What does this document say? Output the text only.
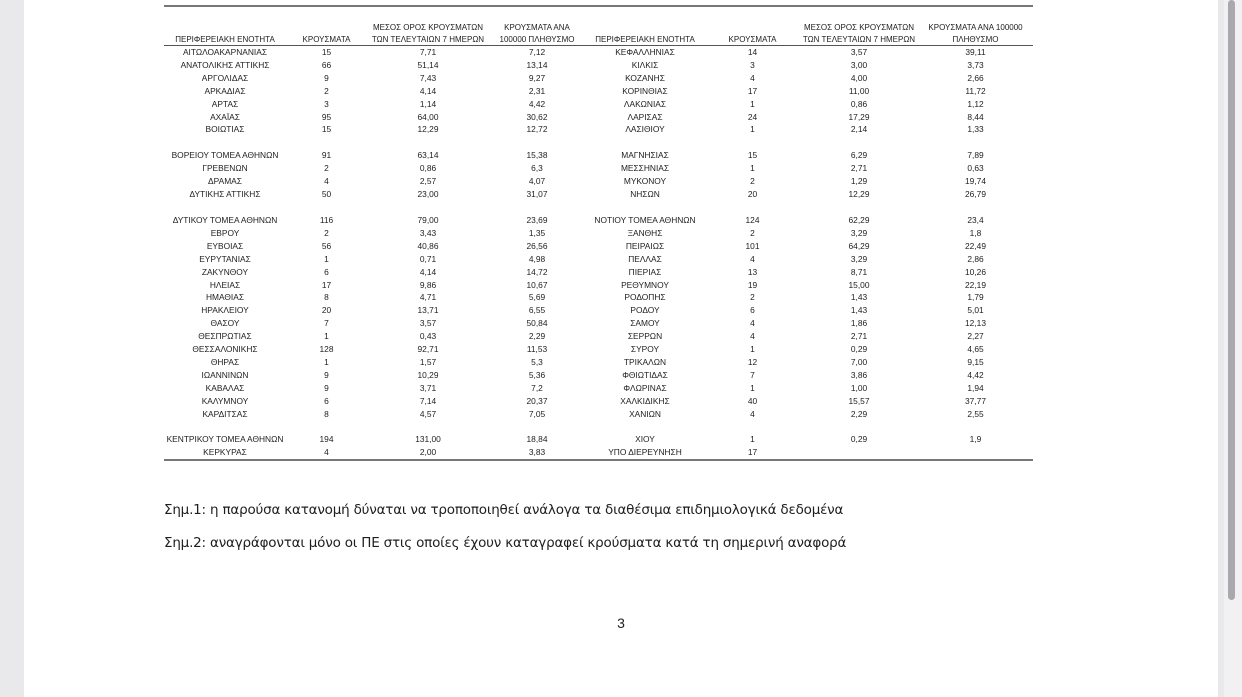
ΠΕΡΙΦΕΡΕΙΑΚΗ ΕΝΟΤΗΤΑ	ΚΡΟΥΣΜΑΤΑ	ΜΕΣΟΣ ΟΡΟΣ ΚΡΟΥΣΜΑΤΩΝ ΤΩΝ ΤΕΛΕΥΤΑΙΩΝ 7 ΗΜΕΡΩΝ	ΚΡΟΥΣΜΑΤΑ ΑΝΑ 100000 ΠΛΗΘΥΣΜΟ	ΠΕΡΙΦΕΡΕΙΑΚΗ ΕΝΟΤΗΤΑ	ΚΡΟΥΣΜΑΤΑ	ΜΕΣΟΣ ΟΡΟΣ ΚΡΟΥΣΜΑΤΩΝ ΤΩΝ ΤΕΛΕΥΤΑΙΩΝ 7 ΗΜΕΡΩΝ	ΚΡΟΥΣΜΑΤΑ ΑΝΑ 100000 ΠΛΗΘΥΣΜΟ

ΑΙΤΩΛΟΑΚΑΡΝΑΝΙΑΣ	15	7,71	7,12	ΚΕΦΑΛΛΗΝΙΑΣ	14	3,57	39,11
ΑΝΑΤΟΛΙΚΗΣ ΑΤΤΙΚΗΣ	66	51,14	13,14	ΚΙΛΚΙΣ	3	3,00	3,73
ΑΡΓΟΛΙΔΑΣ	9	7,43	9,27	ΚΟΖΑΝΗΣ	4	4,00	2,66
ΑΡΚΑΔΙΑΣ	2	4,14	2,31	ΚΟΡΙΝΘΙΑΣ	17	11,00	11,72
ΑΡΤΑΣ	3	1,14	4,42	ΛΑΚΩΝΙΑΣ	1	0,86	1,12
ΑΧΑΪΑΣ	95	64,00	30,62	ΛΑΡΙΣΑΣ	24	17,29	8,44
ΒΟΙΩΤΙΑΣ	15	12,29	12,72	ΛΑΣΙΘΙΟΥ	1	2,14	1,33

ΒΟΡΕΙΟΥ ΤΟΜΕΑ ΑΘΗΝΩΝ	91	63,14	15,38	ΜΑΓΝΗΣΙΑΣ	15	6,29	7,89
ΓΡΕΒΕΝΩΝ	2	0,86	6,3	ΜΕΣΣΗΝΙΑΣ	1	2,71	0,63
ΔΡΑΜΑΣ	4	2,57	4,07	ΜΥΚΟΝΟΥ	2	1,29	19,74
ΔΥΤΙΚΗΣ ΑΤΤΙΚΗΣ	50	23,00	31,07	ΝΗΣΩΝ	20	12,29	26,79

ΔΥΤΙΚΟΥ ΤΟΜΕΑ ΑΘΗΝΩΝ	116	79,00	23,69	ΝΟΤΙΟΥ ΤΟΜΕΑ ΑΘΗΝΩΝ	124	62,29	23,4
ΕΒΡΟΥ	2	3,43	1,35	ΞΑΝΘΗΣ	2	3,29	1,8
ΕΥΒΟΙΑΣ	56	40,86	26,56	ΠΕΙΡΑΙΩΣ	101	64,29	22,49
ΕΥΡΥΤΑΝΙΑΣ	1	0,71	4,98	ΠΕΛΛΑΣ	4	3,29	2,86
ΖΑΚΥΝΘΟΥ	6	4,14	14,72	ΠΙΕΡΙΑΣ	13	8,71	10,26
ΗΛΕΙΑΣ	17	9,86	10,67	ΡΕΘΥΜΝΟΥ	19	15,00	22,19
ΗΜΑΘΙΑΣ	8	4,71	5,69	ΡΟΔΟΠΗΣ	2	1,43	1,79
ΗΡΑΚΛΕΙΟΥ	20	13,71	6,55	ΡΟΔΟΥ	6	1,43	5,01
ΘΑΣΟΥ	7	3,57	50,84	ΣΑΜΟΥ	4	1,86	12,13
ΘΕΣΠΡΩΤΙΑΣ	1	0,43	2,29	ΣΕΡΡΩΝ	4	2,71	2,27
ΘΕΣΣΑΛΟΝΙΚΗΣ	128	92,71	11,53	ΣΥΡΟΥ	1	0,29	4,65
ΘΗΡΑΣ	1	1,57	5,3	ΤΡΙΚΑΛΩΝ	12	7,00	9,15
ΙΩΑΝΝΙΝΩΝ	9	10,29	5,36	ΦΘΙΩΤΙΔΑΣ	7	3,86	4,42
ΚΑΒΑΛΑΣ	9	3,71	7,2	ΦΛΩΡΙΝΑΣ	1	1,00	1,94
ΚΑΛΥΜΝΟΥ	6	7,14	20,37	ΧΑΛΚΙΔΙΚΗΣ	40	15,57	37,77
ΚΑΡΔΙΤΣΑΣ	8	4,57	7,05	ΧΑΝΙΩΝ	4	2,29	2,55

ΚΕΝΤΡΙΚΟΥ ΤΟΜΕΑ ΑΘΗΝΩΝ	194	131,00	18,84	ΧΙΟΥ	1	0,29	1,9
ΚΕΡΚΥΡΑΣ	4	2,00	3,83	ΥΠΟ ΔΙΕΡΕΥΝΗΣΗ	17		
Σημ.1: η παρούσα κατανομή δύναται να τροποποιηθεί ανάλογα τα διαθέσιμα επιδημιολογικά δεδομένα
Σημ.2: αναγράφονται μόνο οι ΠΕ στις οποίες έχουν καταγραφεί κρούσματα κατά τη σημερινή αναφορά
3
